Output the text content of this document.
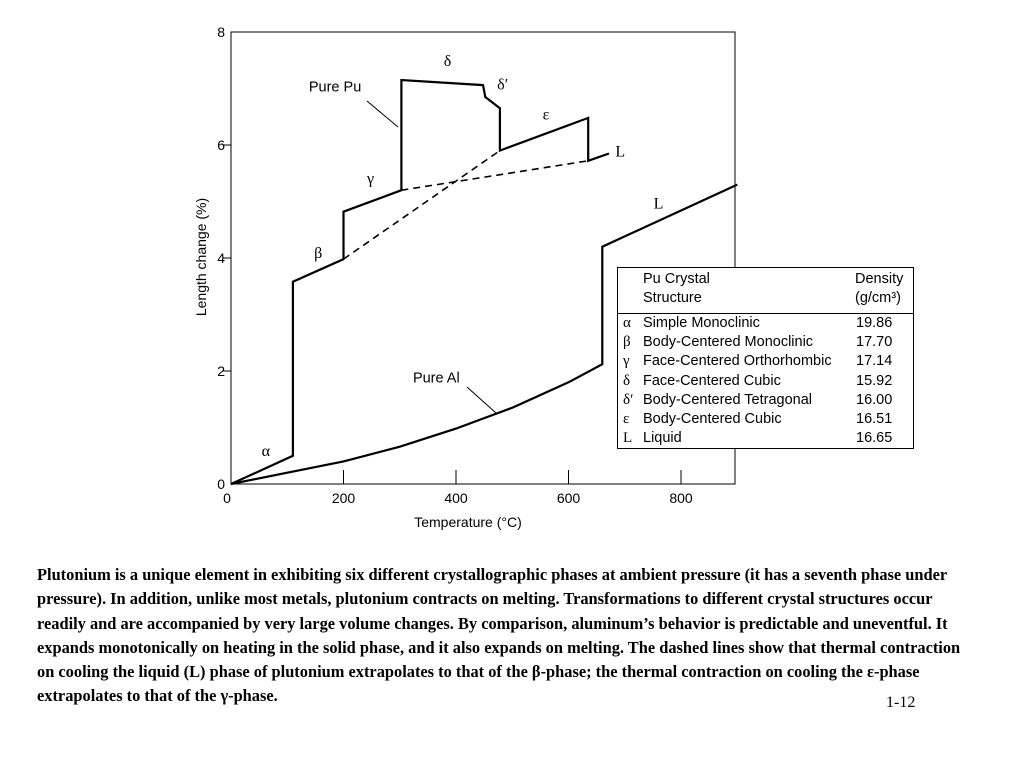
0
2
4
6
8
0	200	400	600	800
Pure Pu
Pure Al
α
β
γ
δ
δ′
ε
L
L
Length change (%)
Temperature (°C)
Pu Crystal
Structure
Density
(g/cm³)
α Simple Monoclinic	19.86
β Body-Centered Monoclinic	17.70
γ Face-Centered Orthorhombic 17.14
δ Face-Centered Cubic	15.92
δ′ Body-Centered Tetragonal	16.00
ε Body-Centered Cubic	16.51
L Liquid	16.65

Plutonium is a unique element in exhibiting six different crystallographic phases at ambient pressure (it has a seventh phase under pressure). In addition, unlike most metals, plutonium contracts on melting. Transformations to different crystal structures occur readily and are accompanied by very large volume changes. By comparison, aluminum’s behavior is predictable and uneventful. It expands monotonically on heating in the solid phase, and it also expands on melting. The dashed lines show that thermal contraction on cooling the liquid (L) phase of plutonium extrapolates to that of the β-phase; the thermal contraction on cooling the ε-phase extrapolates to that of the γ-phase.	1-12
